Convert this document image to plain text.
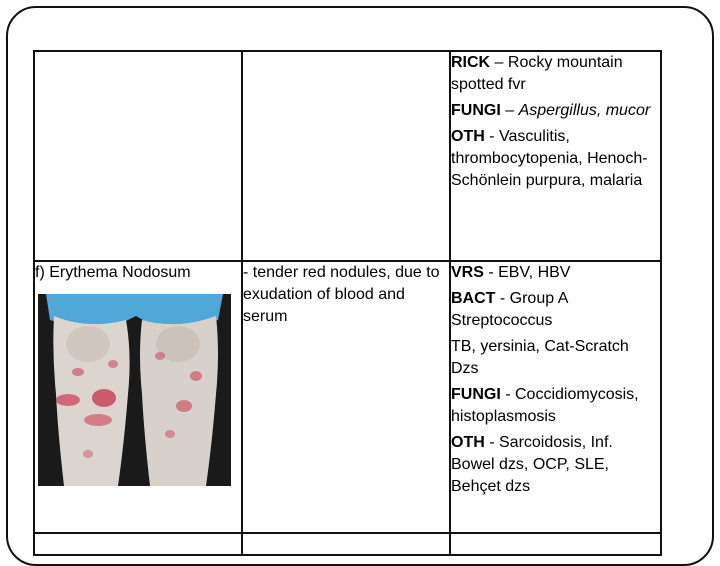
		RICK – Rocky mountain spotted fvr
FUNGI – Aspergillus, mucor
OTH - Vasculitis, thrombocytopenia, Henoch-Schönlein purpura, malaria

f) Erythema Nodosum	- tender red nodules, due to exudation of blood and serum	VRS - EBV, HBV
BACT - Group A Streptococcus
TB, yersinia, Cat-Scratch Dzs
FUNGI - Coccidiomycosis, histoplasmosis
OTH - Sarcoidosis, Inf. Bowel dzs, OCP, SLE, Behçet dzs
